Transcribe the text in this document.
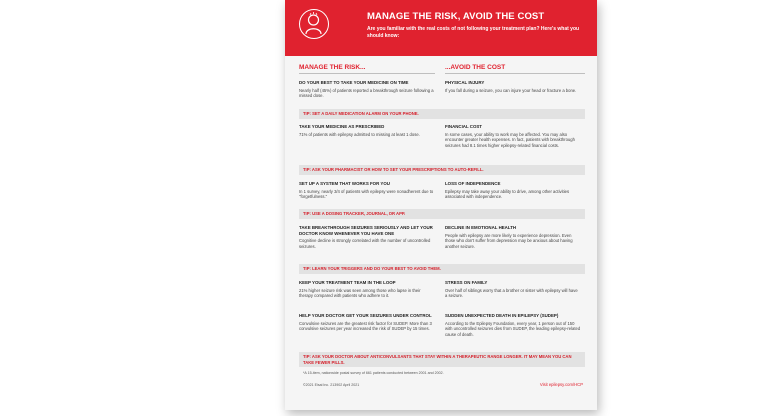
MANAGE THE RISK, AVOID THE COST
Are you familiar with the real costs of not following your treatment plan? Here's what you should know:
MANAGE THE RISK...	...AVOID THE COST
DO YOUR BEST TO TAKE YOUR MEDICINE ON TIME

Nearly half (45%) of patients reported a breakthrough seizure following a missed dose.

PHYSICAL INJURY

If you fall during a seizure, you can injure your head or fracture a bone.

TIP: SET A DAILY MEDICATION ALARM ON YOUR PHONE.
TAKE YOUR MEDICINE AS PRESCRIBED

71% of patients with epilepsy admitted to missing at least 1 dose.

FINANCIAL COST

In some cases, your ability to work may be affected. You may also encounter greater health expenses. In fact, patients with breakthrough seizures had 8.1 times higher epilepsy-related financial costs.

TIP: ASK YOUR PHARMACIST OR HOW TO SET YOUR PRESCRIPTIONS TO AUTO-REFILL.
SET UP A SYSTEM THAT WORKS FOR YOU

In 1 survey, nearly 3/4 of patients with epilepsy were nonadherent due to "forgetfulness."

LOSS OF INDEPENDENCE

Epilepsy may take away your ability to drive, among other activities associated with independence.

TIP: USE A DOSING TRACKER, JOURNAL, OR APP.
TAKE BREAKTHROUGH SEIZURES SERIOUSLY AND LET YOUR DOCTOR KNOW WHENEVER YOU HAVE ONE

Cognitive decline is strongly correlated with the number of uncontrolled seizures.

DECLINE IN EMOTIONAL HEALTH

People with epilepsy are more likely to experience depression. Even those who don't suffer from depression may be anxious about having another seizure.

TIP: LEARN YOUR TRIGGERS AND DO YOUR BEST TO AVOID THEM.
KEEP YOUR TREATMENT TEAM IN THE LOOP

21% higher seizure risk was seen among those who lapse in their therapy compared with patients who adhere to it.

STRESS ON FAMILY

Over half of siblings worry that a brother or sister with epilepsy will have a seizure.

HELP YOUR DOCTOR GET YOUR SEIZURES UNDER CONTROL

Convulsive seizures are the greatest risk factor for SUDEP. More than 3 convulsive seizures per year increased the risk of SUDEP by 15 times.

SUDDEN UNEXPECTED DEATH IN EPILEPSY (SUDEP)

According to the Epilepsy Foundation, every year, 1 person out of 150 with uncontrolled seizures dies from SUDEP, the leading epilepsy-related cause of death.

TIP: ASK YOUR DOCTOR ABOUT ANTICONVULSANTS THAT STAY WITHIN A THERAPEUTIC RANGE LONGER. IT MAY MEAN YOU CAN TAKE FEWER PILLS.
*A 15-item, nationwide postal survey of 661 patients conducted between 2001 and 2002.
©2021 Eisai Inc. 213902 April 2021	Visit epilepsy.com/HCP
